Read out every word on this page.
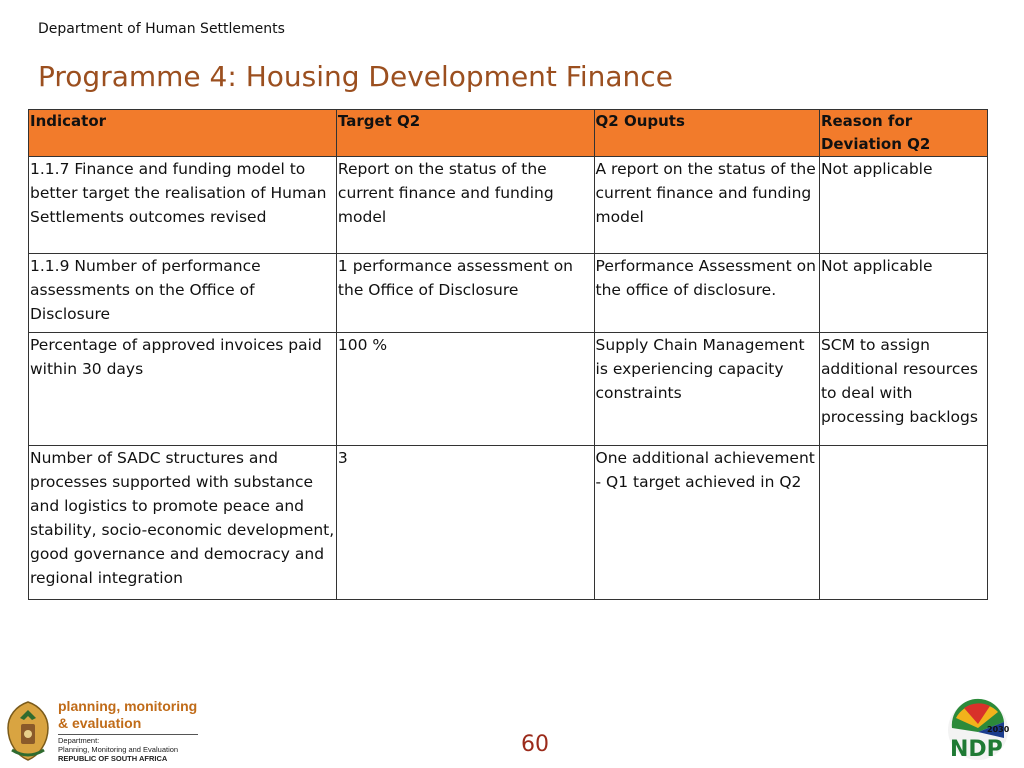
Department of Human Settlements
Programme 4: Housing Development Finance
Indicator	Target Q2	Q2 Ouputs	Reason for Deviation Q2
1.1.7 Finance and funding model to better target the realisation of Human Settlements outcomes revised	Report on the status of the current finance and funding model	A report on the status of the current finance and funding model	Not applicable
1.1.9 Number of performance assessments on the Office of Disclosure	1 performance assessment on the Office of Disclosure	Performance Assessment on the office of disclosure.	Not applicable
Percentage of approved invoices paid within 30 days	100 %	Supply Chain Management is experiencing capacity constraints	SCM to assign additional resources to deal with processing backlogs
Number of SADC structures and processes supported with substance and logistics to promote peace and stability, socio-economic development, good governance and democracy and regional integration	3	One additional achievement - Q1 target achieved in Q2	
planning, monitoring
& evaluation
Department:
Planning, Monitoring and Evaluation
REPUBLIC OF SOUTH AFRICA
60
2030
NDP
